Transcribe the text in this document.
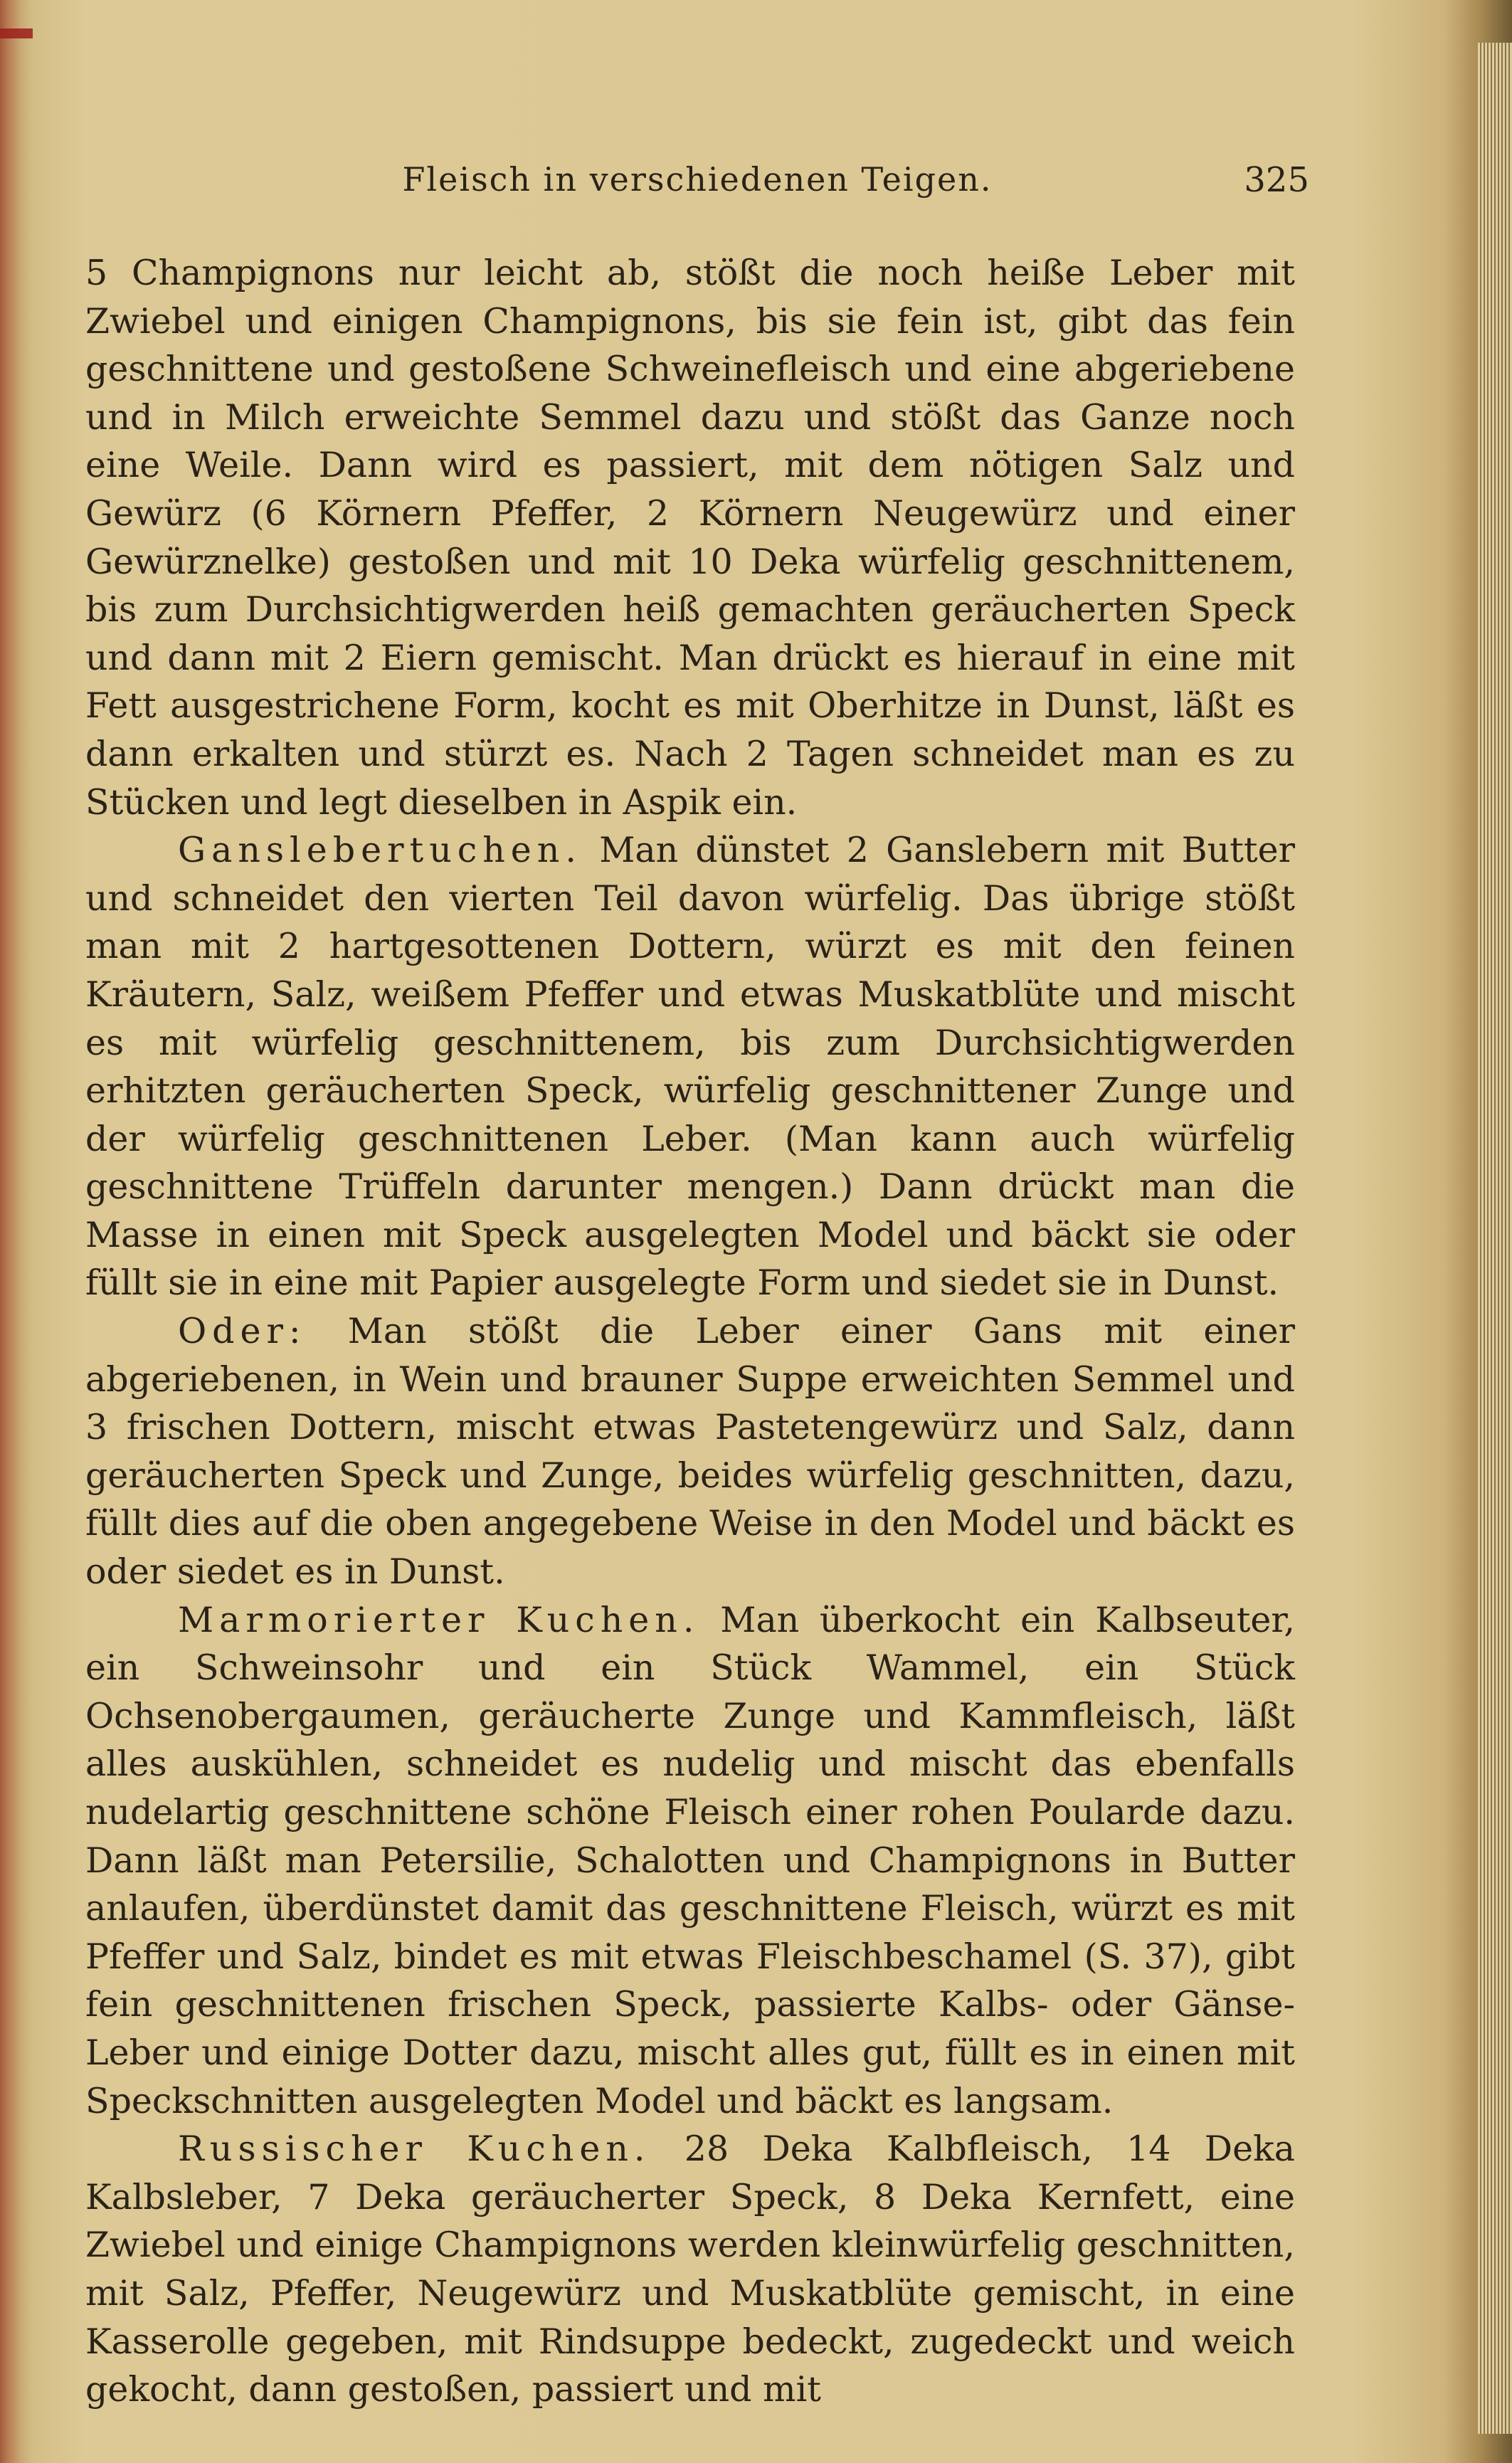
Fleisch in verschiedenen Teigen.	325

5 Champignons nur leicht ab, stößt die noch heiße Leber mit Zwiebel und einigen Champignons, bis sie fein ist, gibt das fein geschnittene und gestoßene Schweinefleisch und eine abgeriebene und in Milch erweichte Semmel dazu und stößt das Ganze noch eine Weile. Dann wird es passiert, mit dem nötigen Salz und Gewürz (6 Körnern Pfeffer, 2 Körnern Neugewürz und einer Gewürznelke) gestoßen und mit 10 Deka würfelig geschnittenem, bis zum Durchsichtigwerden heiß gemachten geräucherten Speck und dann mit 2 Eiern gemischt. Man drückt es hierauf in eine mit Fett ausgestrichene Form, kocht es mit Oberhitze in Dunst, läßt es dann erkalten und stürzt es. Nach 2 Tagen schneidet man es zu Stücken und legt dieselben in Aspik ein.

Ganslebertuchen. Man dünstet 2 Ganslebern mit Butter und schneidet den vierten Teil davon würfelig. Das übrige stößt man mit 2 hartgesottenen Dottern, würzt es mit den feinen Kräutern, Salz, weißem Pfeffer und etwas Muskatblüte und mischt es mit würfelig geschnittenem, bis zum Durchsichtigwerden erhitzten geräucherten Speck, würfelig geschnittener Zunge und der würfelig geschnittenen Leber. (Man kann auch würfelig geschnittene Trüffeln darunter mengen.) Dann drückt man die Masse in einen mit Speck ausgelegten Model und bäckt sie oder füllt sie in eine mit Papier ausgelegte Form und siedet sie in Dunst.

Oder: Man stößt die Leber einer Gans mit einer abgeriebenen, in Wein und brauner Suppe erweichten Semmel und 3 frischen Dottern, mischt etwas Pastetengewürz und Salz, dann geräucherten Speck und Zunge, beides würfelig geschnitten, dazu, füllt dies auf die oben angegebene Weise in den Model und bäckt es oder siedet es in Dunst.

Marmorierter Kuchen. Man überkocht ein Kalbseuter, ein Schweinsohr und ein Stück Wammel, ein Stück Ochsenobergaumen, geräucherte Zunge und Kammfleisch, läßt alles auskühlen, schneidet es nudelig und mischt das ebenfalls nudelartig geschnittene schöne Fleisch einer rohen Poularde dazu. Dann läßt man Petersilie, Schalotten und Champignons in Butter anlaufen, überdünstet damit das geschnittene Fleisch, würzt es mit Pfeffer und Salz, bindet es mit etwas Fleischbeschamel (S. 37), gibt fein geschnittenen frischen Speck, passierte Kalbs- oder Gänse-Leber und einige Dotter dazu, mischt alles gut, füllt es in einen mit Speckschnitten ausgelegten Model und bäckt es langsam.

Russischer Kuchen. 28 Deka Kalbfleisch, 14 Deka Kalbsleber, 7 Deka geräucherter Speck, 8 Deka Kernfett, eine Zwiebel und einige Champignons werden kleinwürfelig geschnitten, mit Salz, Pfeffer, Neugewürz und Muskatblüte gemischt, in eine Kasserolle gegeben, mit Rindsuppe bedeckt, zugedeckt und weich gekocht, dann gestoßen, passiert und mit
